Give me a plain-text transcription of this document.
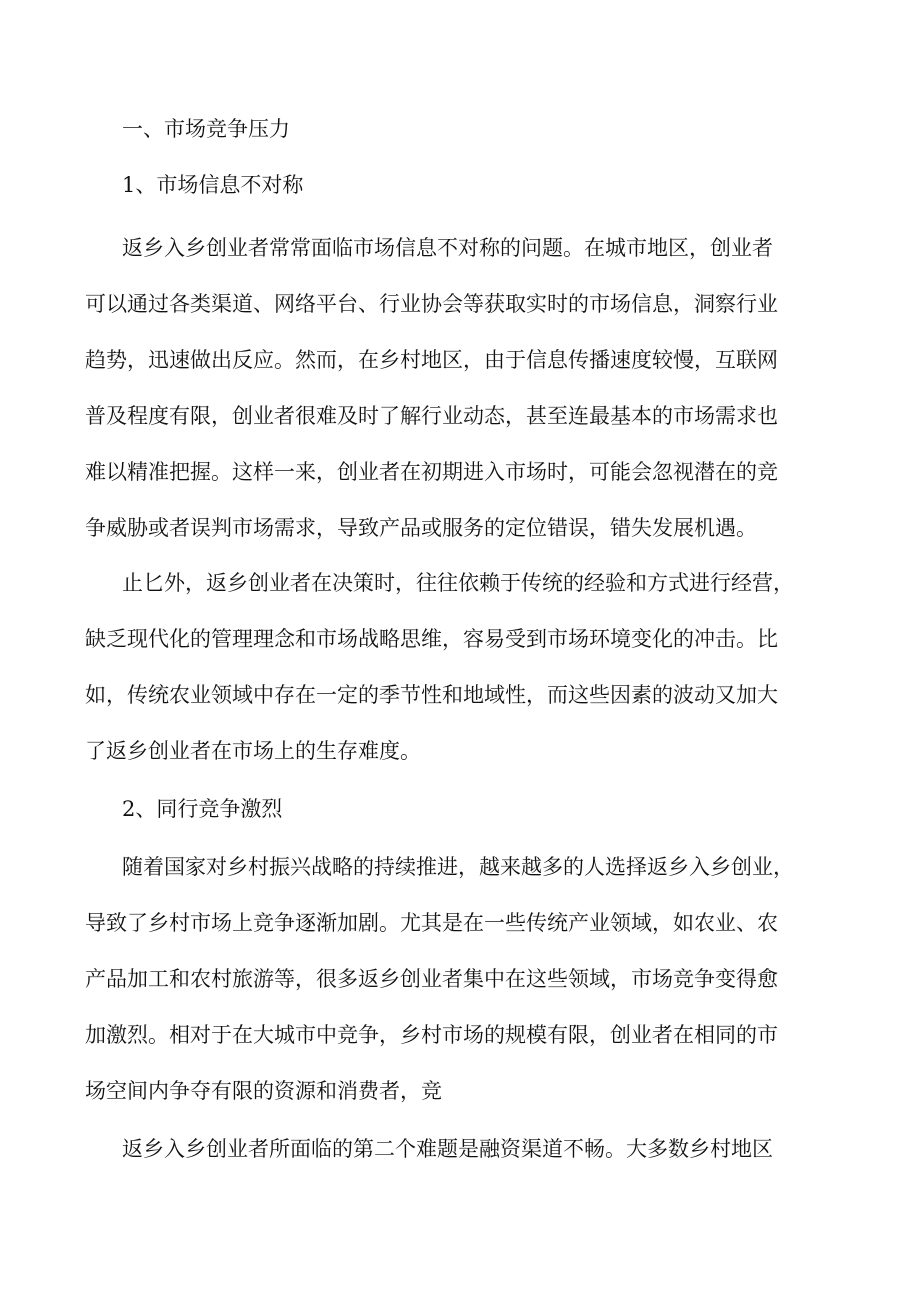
一、市场竞争压力

1、市场信息不对称

返乡入乡创业者常常面临市场信息不对称的问题。在城市地区，创业者

可以通过各类渠道、网络平台、行业协会等获取实时的市场信息，洞察行业

趋势，迅速做出反应。然而，在乡村地区，由于信息传播速度较慢，互联网

普及程度有限，创业者很难及时了解行业动态，甚至连最基本的市场需求也

难以精准把握。这样一来，创业者在初期进入市场时，可能会忽视潜在的竞

争威胁或者误判市场需求，导致产品或服务的定位错误，错失发展机遇。

止匕外，返乡创业者在决策时，往往依赖于传统的经验和方式进行经营，

缺乏现代化的管理理念和市场战略思维，容易受到市场环境变化的冲击。比

如，传统农业领域中存在一定的季节性和地域性，而这些因素的波动又加大

了返乡创业者在市场上的生存难度。

2、同行竞争激烈

随着国家对乡村振兴战略的持续推进，越来越多的人选择返乡入乡创业，

导致了乡村市场上竞争逐渐加剧。尤其是在一些传统产业领域，如农业、农

产品加工和农村旅游等，很多返乡创业者集中在这些领域，市场竞争变得愈

加激烈。相对于在大城市中竞争，乡村市场的规模有限，创业者在相同的市

场空间内争夺有限的资源和消费者，竞

返乡入乡创业者所面临的第二个难题是融资渠道不畅。大多数乡村地区
